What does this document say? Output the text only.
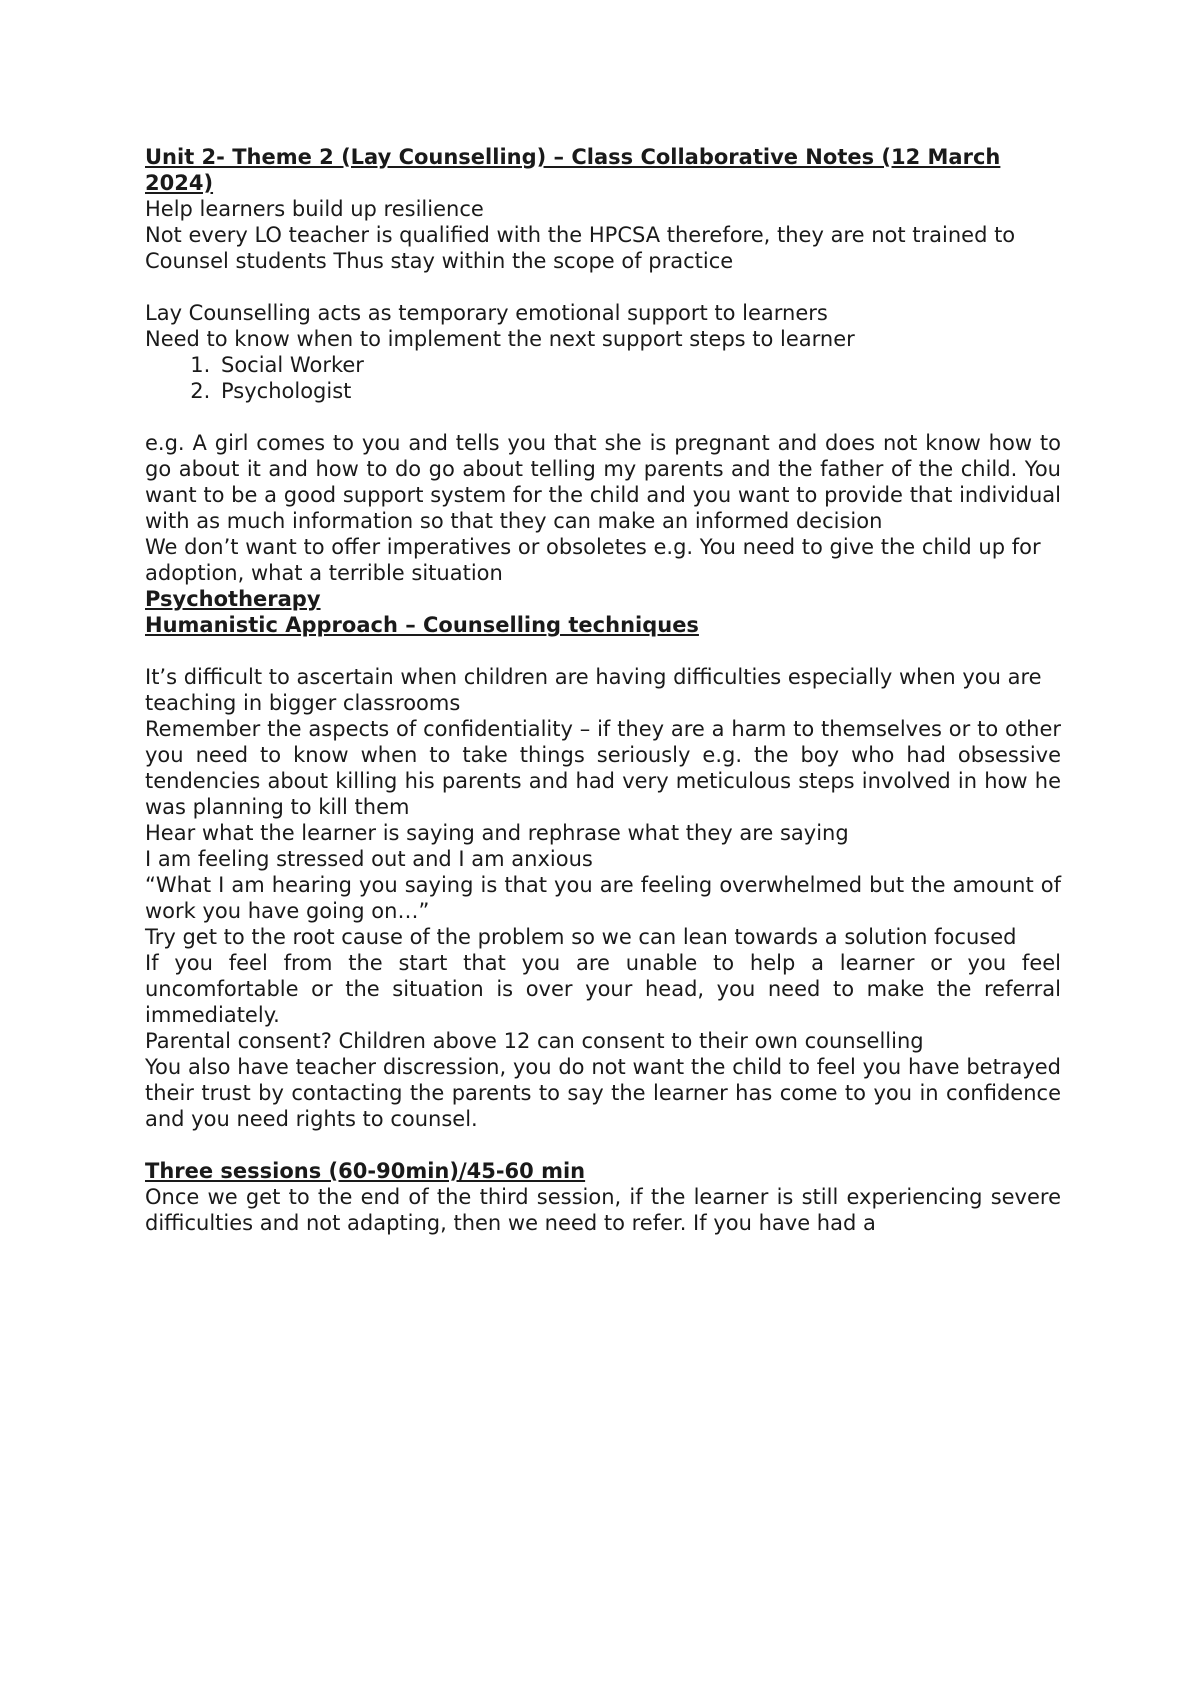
Unit 2- Theme 2 (Lay Counselling) – Class Collaborative Notes (12 March 2024)

Help learners build up resilience

Not every LO teacher is qualified with the HPCSA therefore, they are not trained to Counsel students Thus stay within the scope of practice

Lay Counselling acts as temporary emotional support to learners

Need to know when to implement the next support steps to learner

1. Social Worker
2. Psychologist

e.g. A girl comes to you and tells you that she is pregnant and does not know how to go about it and how to do go about telling my parents and the father of the child. You want to be a good support system for the child and you want to provide that individual with as much information so that they can make an informed decision

We don’t want to offer imperatives or obsoletes e.g. You need to give the child up for adoption, what a terrible situation

Psychotherapy

Humanistic Approach – Counselling techniques

It’s difficult to ascertain when children are having difficulties especially when you are teaching in bigger classrooms

Remember the aspects of confidentiality – if they are a harm to themselves or to other you need to know when to take things seriously e.g. the boy who had obsessive tendencies about killing his parents and had very meticulous steps involved in how he was planning to kill them

Hear what the learner is saying and rephrase what they are saying

I am feeling stressed out and I am anxious

“What I am hearing you saying is that you are feeling overwhelmed but the amount of work you have going on…”

Try get to the root cause of the problem so we can lean towards a solution focused

If you feel from the start that you are unable to help a learner or you feel uncomfortable or the situation is over your head, you need to make the referral immediately.

Parental consent? Children above 12 can consent to their own counselling

You also have teacher discression, you do not want the child to feel you have betrayed their trust by contacting the parents to say the learner has come to you in confidence and you need rights to counsel.

Three sessions (60-90min)/45-60 min

Once we get to the end of the third session, if the learner is still experiencing severe difficulties and not adapting, then we need to refer. If you have had a
